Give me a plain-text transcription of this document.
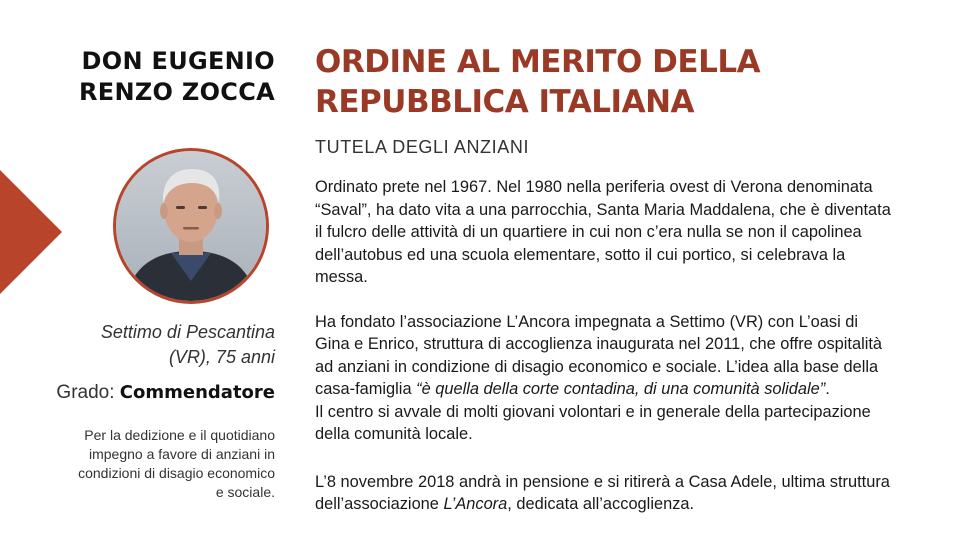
DON EUGENIO
RENZO ZOCCA
Settimo di Pescantina
(VR), 75 anni
Grado: Commendatore
Per la dedizione e il quotidiano
impegno a favore di anziani in
condizioni di disagio economico
e sociale.
ORDINE AL MERITO DELLA
REPUBBLICA ITALIANA
TUTELA DEGLI ANZIANI
Ordinato prete nel 1967. Nel 1980 nella periferia ovest di Verona denominata
“Saval”, ha dato vita a una parrocchia, Santa Maria Maddalena, che è diventata
il fulcro delle attività di un quartiere in cui non c’era nulla se non il capolinea
dell’autobus ed una scuola elementare, sotto il cui portico, si celebrava la
messa.
Ha fondato l’associazione L’Ancora impegnata a Settimo (VR) con L’oasi di
Gina e Enrico, struttura di accoglienza inaugurata nel 2011, che offre ospitalità
ad anziani in condizione di disagio economico e sociale. L’idea alla base della
casa-famiglia “è quella della corte contadina, di una comunità solidale”.
Il centro si avvale di molti giovani volontari e in generale della partecipazione
della comunità locale.
L’8 novembre 2018 andrà in pensione e si ritirerà a Casa Adele, ultima struttura
dell’associazione L’Ancora, dedicata all’accoglienza.
